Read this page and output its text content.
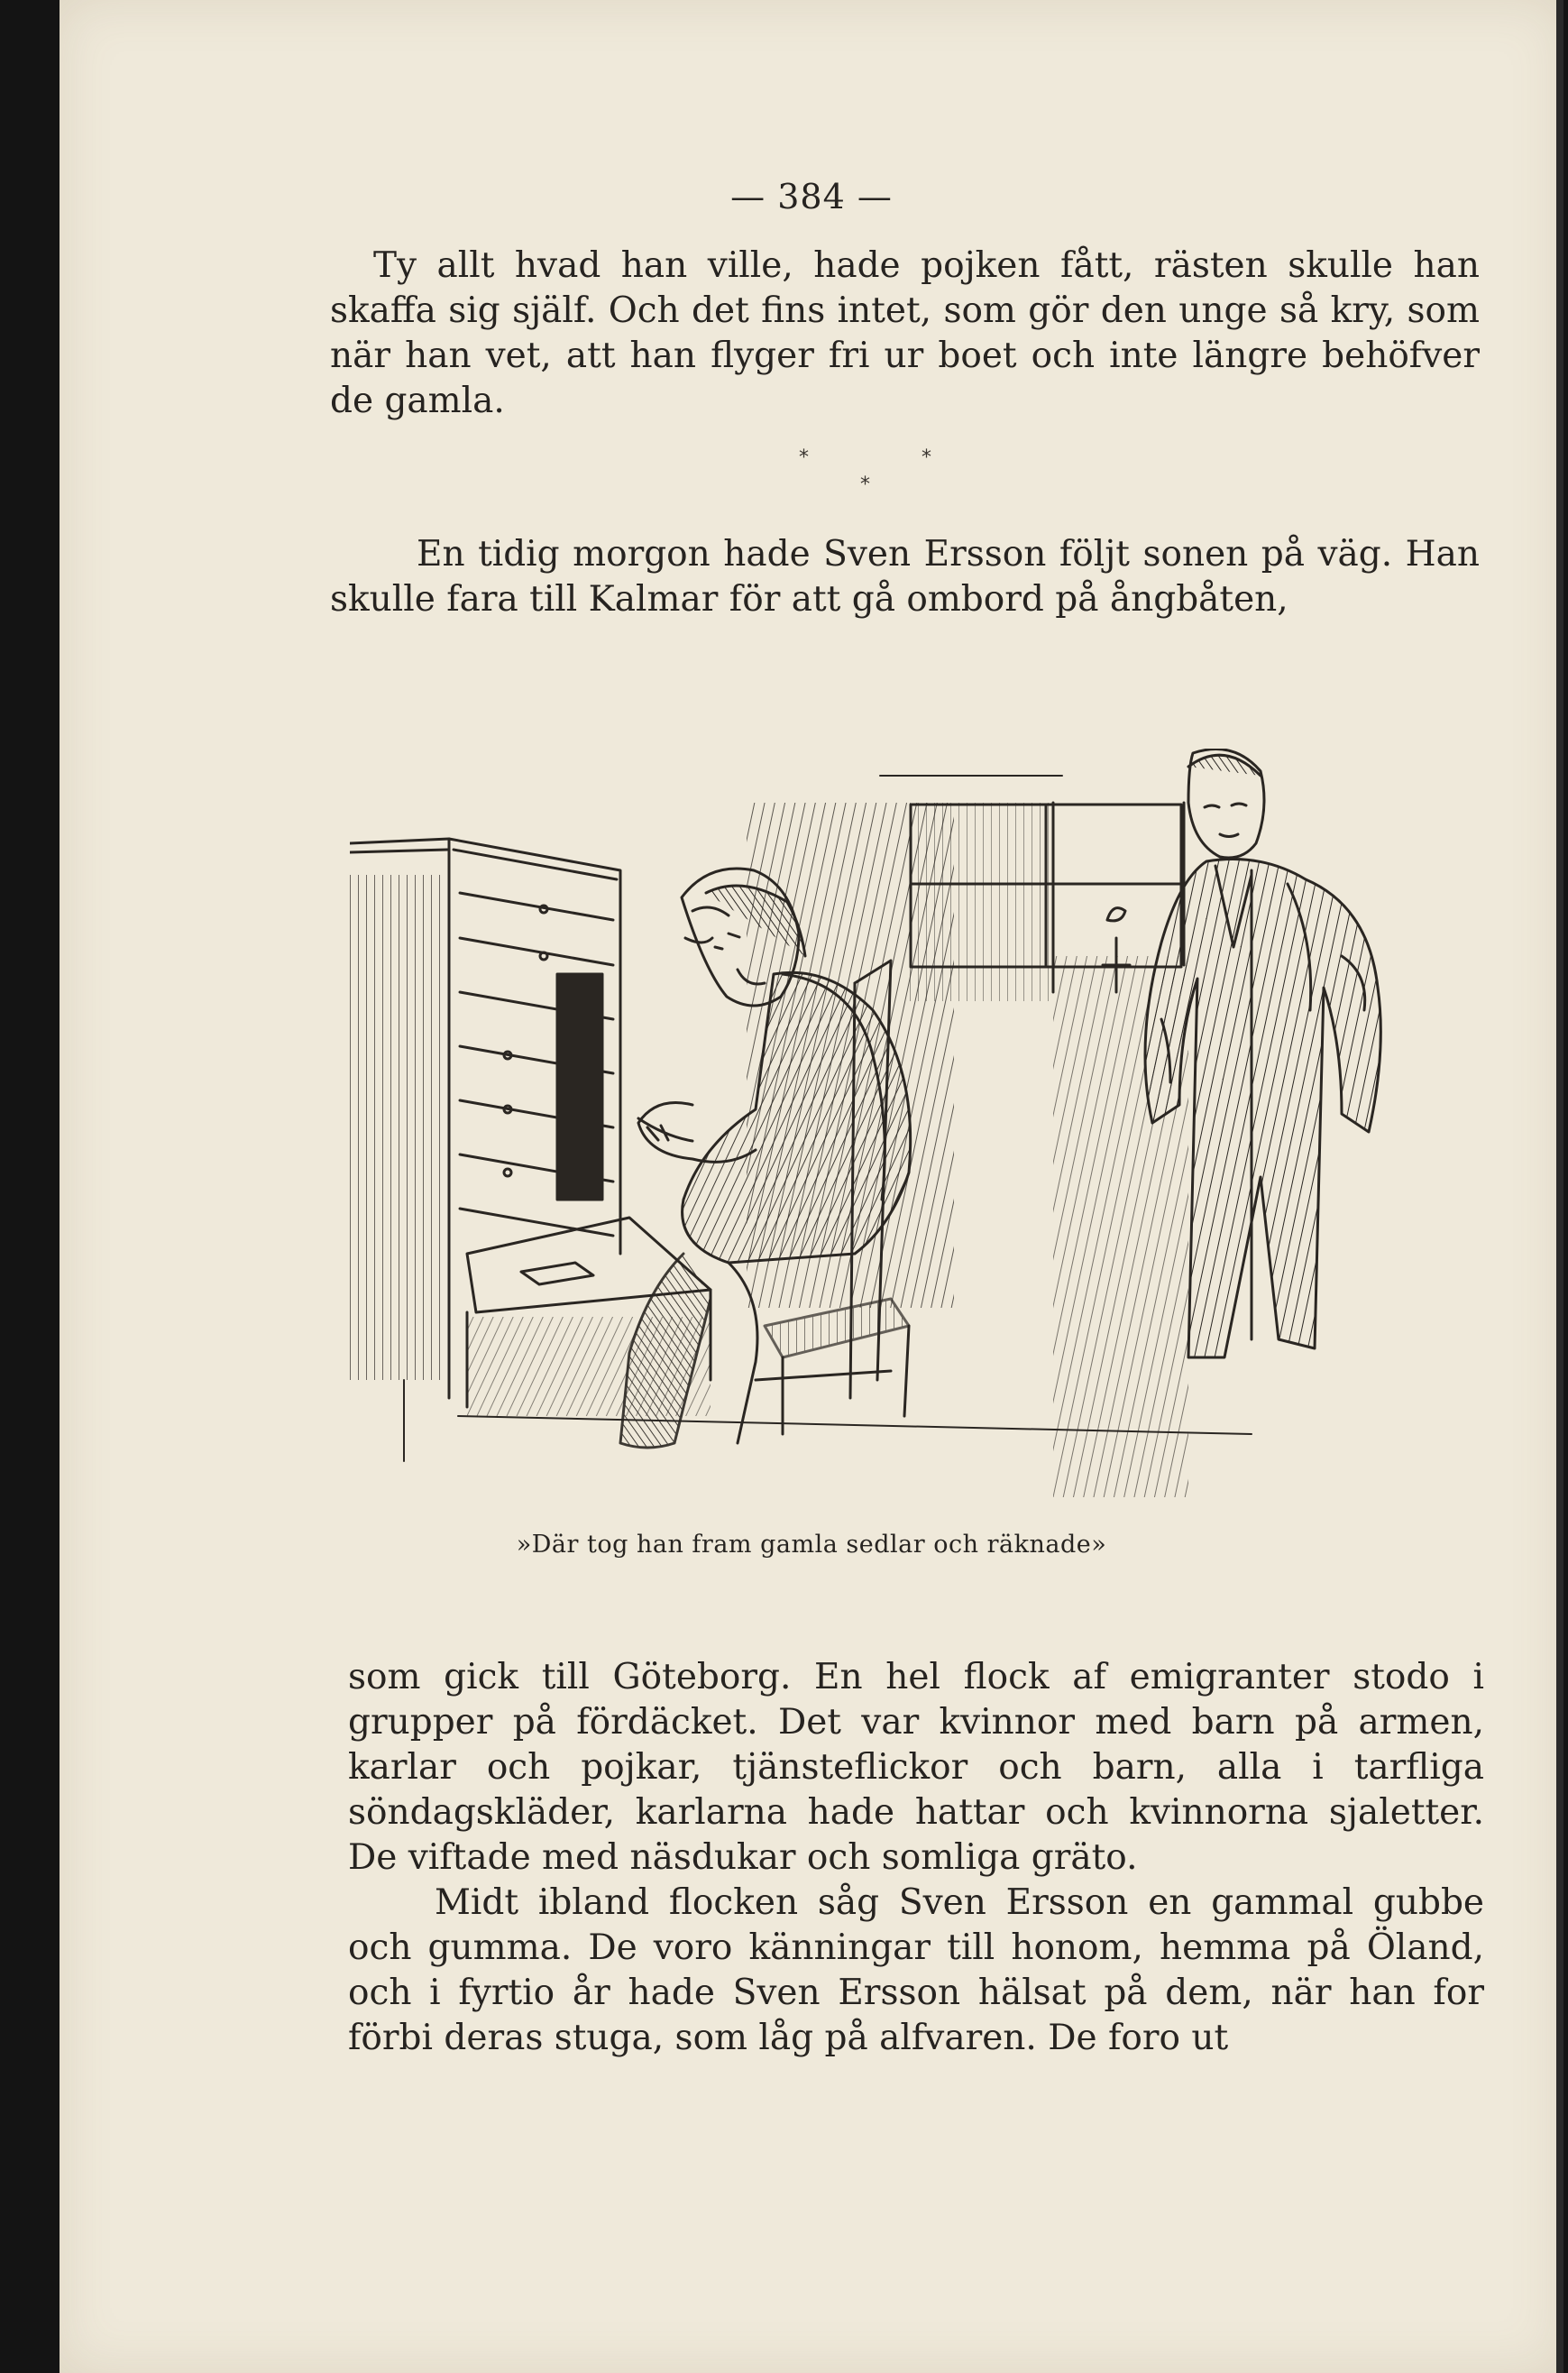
— 384 —

Ty allt hvad han ville, hade pojken fått, rästen skulle han skaffa sig själf. Och det fins intet, som gör den unge så kry, som när han vet, att han flyger fri ur boet och inte längre behöfver de gamla.

*	*
*

En tidig morgon hade Sven Ersson följt sonen på väg. Han skulle fara till Kalmar för att gå ombord på ångbåten,

»Där tog han fram gamla sedlar och räknade»

som gick till Göteborg. En hel flock af emigranter stodo i grupper på fördäcket. Det var kvinnor med barn på armen, karlar och pojkar, tjänsteflickor och barn, alla i tarfliga söndagskläder, karlarna hade hattar och kvinnorna sjaletter. De viftade med näsdukar och somliga gräto.

Midt ibland flocken såg Sven Ersson en gammal gubbe och gumma. De voro känningar till honom, hemma på Öland, och i fyrtio år hade Sven Ersson hälsat på dem, när han for förbi deras stuga, som låg på alfvaren. De foro ut
